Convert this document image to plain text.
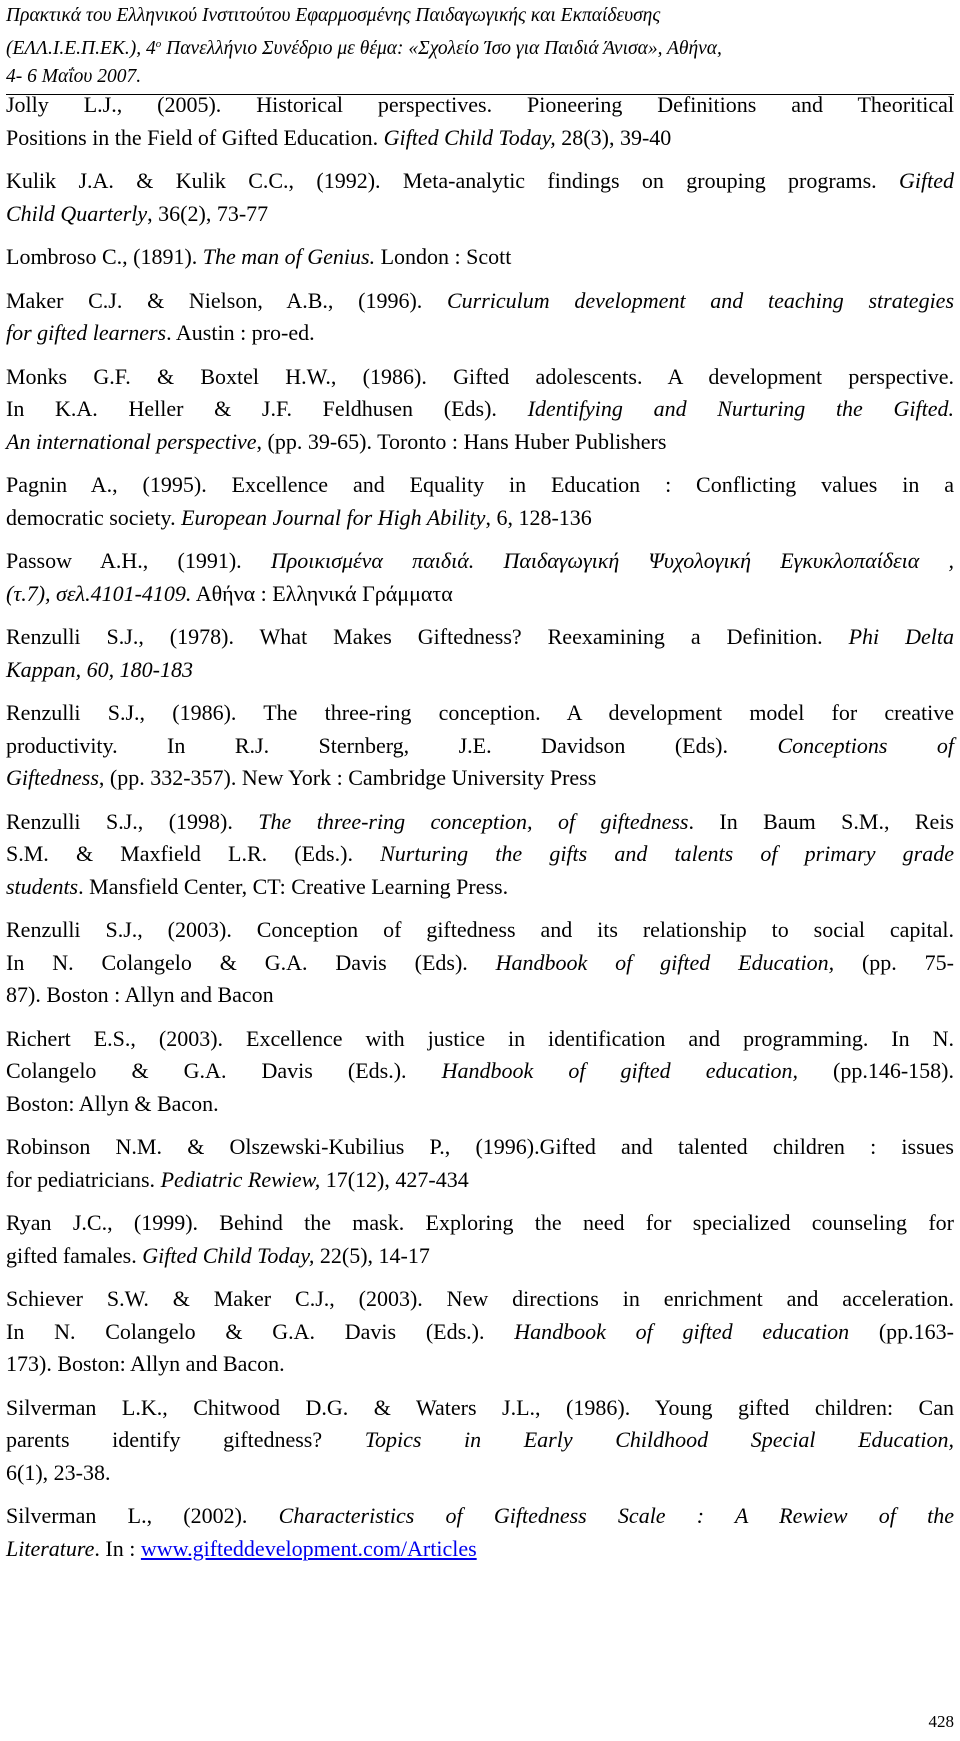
Πρακτικά του Ελληνικού Ινστιτούτου Εφαρμοσμένης Παιδαγωγικής και Εκπαίδευσης
(ΕΛΛ.Ι.Ε.Π.ΕΚ.), $4^o$ Πανελλήνιο Συνέδριο με θέμα: «Σχολείο Ίσο για Παιδιά Άνισα», Αθήνα,
4- 6 Μαΐου 2007.

Jolly L.J., (2005). Historical perspectives. Pioneering Definitions and Theoritical
Positions in the Field of Gifted Education. Gifted Child Today, 28(3), 39-40

Kulik J.A. & Kulik C.C., (1992). Meta-analytic findings on grouping programs. Gifted
Child Quarterly, 36(2), 73-77

Lombroso C., (1891). The man of Genius. London : Scott

Maker C.J. & Nielson, A.B., (1996). Curriculum development and teaching strategies
for gifted learners. Austin : pro-ed.

Monks G.F. & Boxtel H.W., (1986). Gifted adolescents. A development perspective.
In K.A. Heller & J.F. Feldhusen (Eds). Identifying and Nurturing the Gifted.
An international perspective, (pp. 39-65). Toronto : Hans Huber Publishers

Pagnin A., (1995). Excellence and Equality in Education : Conflicting values in a
democratic society. European Journal for High Ability, 6, 128-136

Passow A.H., (1991). Προικισμένα παιδιά. Παιδαγωγική Ψυχολογική Εγκυκλοπαίδεια ,
(τ.7), σελ.4101-4109. Αθήνα : Ελληνικά Γράμματα

Renzulli S.J., (1978). What Makes Giftedness? Reexamining a Definition. Phi Delta
Kappan, 60, 180-183

Renzulli S.J., (1986). The three-ring conception. A development model for creative
productivity. In R.J. Sternberg, J.E. Davidson (Eds). Conceptions of
Giftedness, (pp. 332-357). New York : Cambridge University Press

Renzulli S.J., (1998). The three-ring conception, of giftedness. In Baum S.M., Reis
S.M. & Maxfield L.R. (Eds.). Nurturing the gifts and talents of primary grade
students. Mansfield Center, CT: Creative Learning Press.

Renzulli S.J., (2003). Conception of giftedness and its relationship to social capital.
In N. Colangelo & G.A. Davis (Eds). Handbook of gifted Education, (pp. 75-
87). Boston : Allyn and Bacon

Richert E.S., (2003). Excellence with justice in identification and programming. In N.
Colangelo & G.A. Davis (Eds.). Handbook of gifted education, (pp.146-158).
Boston: Allyn & Bacon.

Robinson N.M. & Olszewski-Kubilius P., (1996).Gifted and talented children : issues
for pediatricians. Pediatric Rewiew, 17(12), 427-434

Ryan J.C., (1999). Behind the mask. Exploring the need for specialized counseling for
gifted famales. Gifted Child Today, 22(5), 14-17

Schiever S.W. & Maker C.J., (2003). New directions in enrichment and acceleration.
In N. Colangelo & G.A. Davis (Eds.). Handbook of gifted education (pp.163-
173). Boston: Allyn and Bacon.

Silverman L.K., Chitwood D.G. & Waters J.L., (1986). Young gifted children: Can
parents identify giftedness? Topics in Early Childhood Special Education,
6(1), 23-38.

Silverman L., (2002). Characteristics of Giftedness Scale : A Rewiew of the
Literature. In : www.gifteddevelopment.com/Articles

428
